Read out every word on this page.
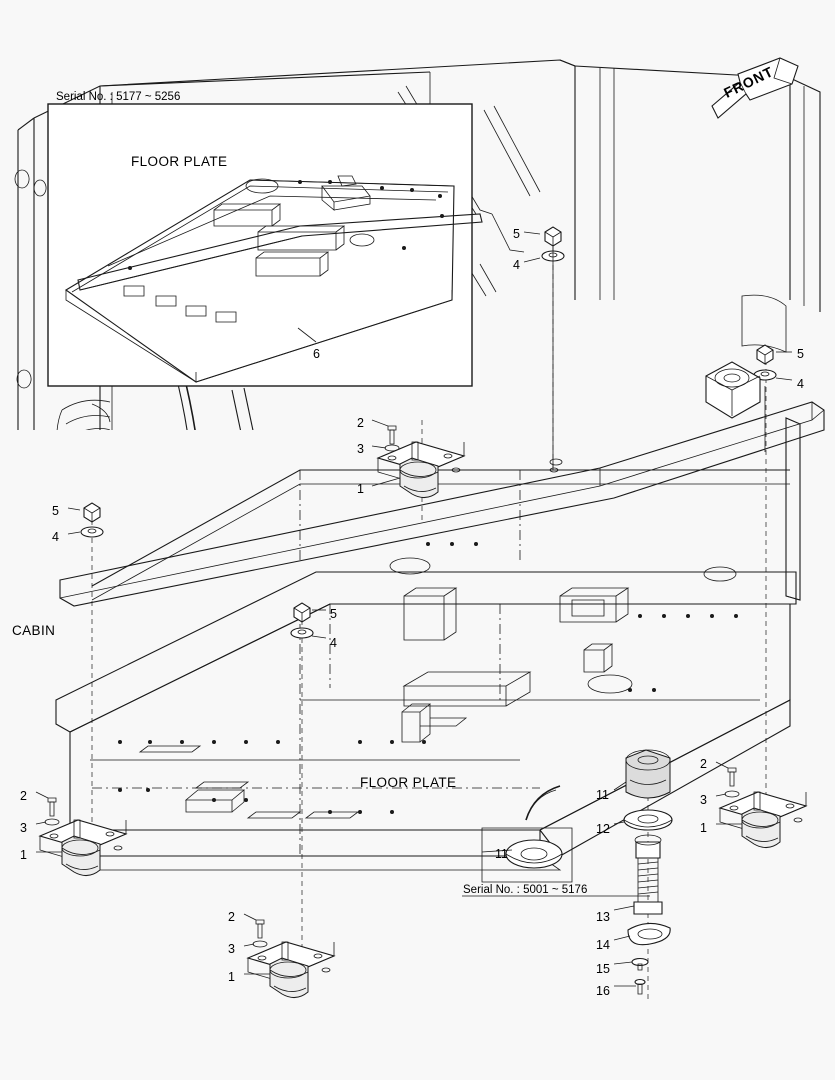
Serial No. : 5177 ~ 5256
FLOOR PLATE
FLOOR PLATE
CABIN
Serial No. : 5001 ~ 5176
FRONT
6
5
4
5
4
2
3
1
5
4
5
4
2
3
1
2
3
1
2
3
1
11
12
11
13
14
15
16
